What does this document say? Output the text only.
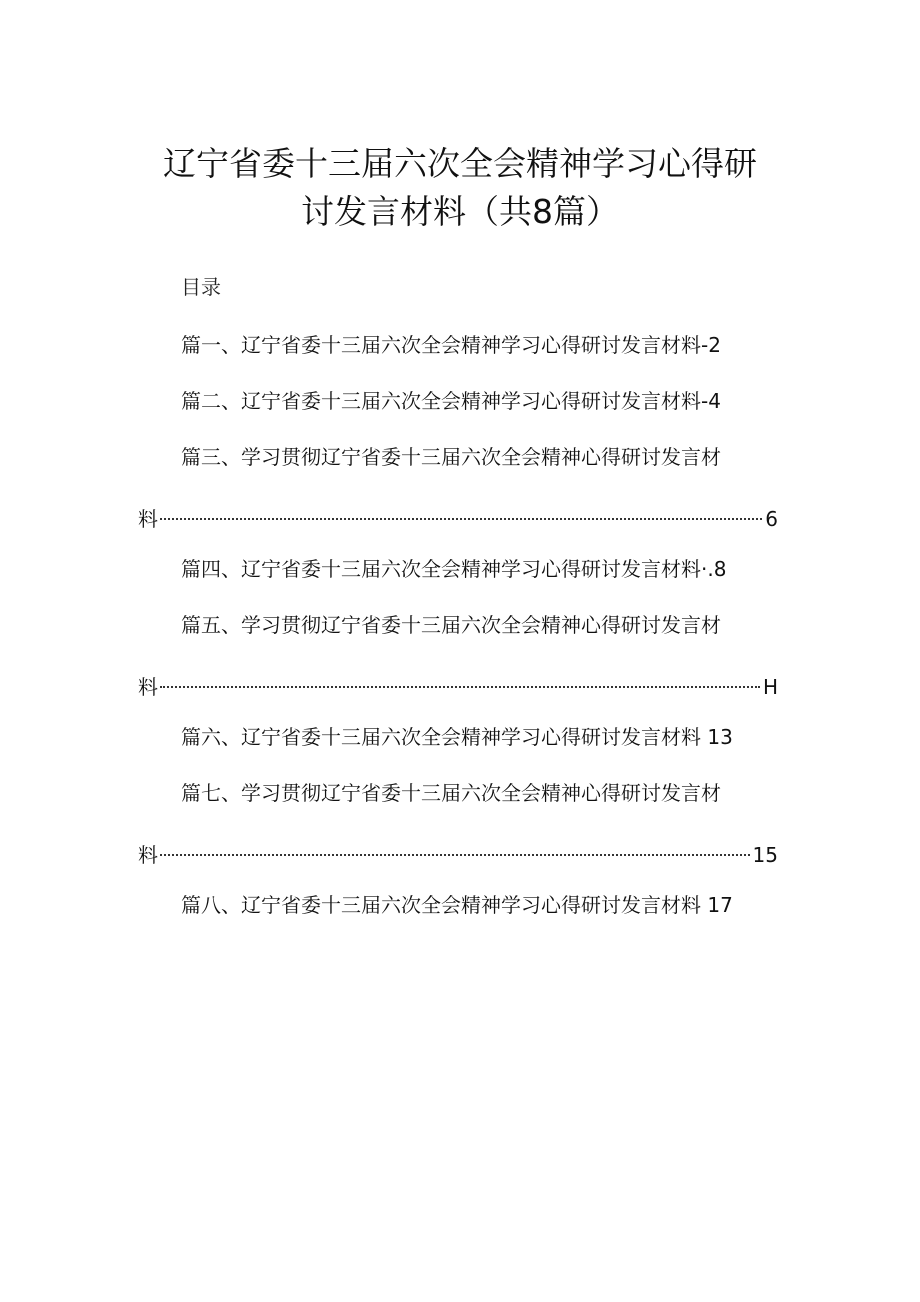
辽宁省委十三届六次全会精神学习心得研
讨发言材料（共8篇）
目录
篇一、辽宁省委十三届六次全会精神学习心得研讨发言材料-2
篇二、辽宁省委十三届六次全会精神学习心得研讨发言材料-4
篇三、学习贯彻辽宁省委十三届六次全会精神心得研讨发言材
料	6
篇四、辽宁省委十三届六次全会精神学习心得研讨发言材料·.8
篇五、学习贯彻辽宁省委十三届六次全会精神心得研讨发言材
料	H
篇六、辽宁省委十三届六次全会精神学习心得研讨发言材料 13
篇七、学习贯彻辽宁省委十三届六次全会精神心得研讨发言材
料	15
篇八、辽宁省委十三届六次全会精神学习心得研讨发言材料 17
